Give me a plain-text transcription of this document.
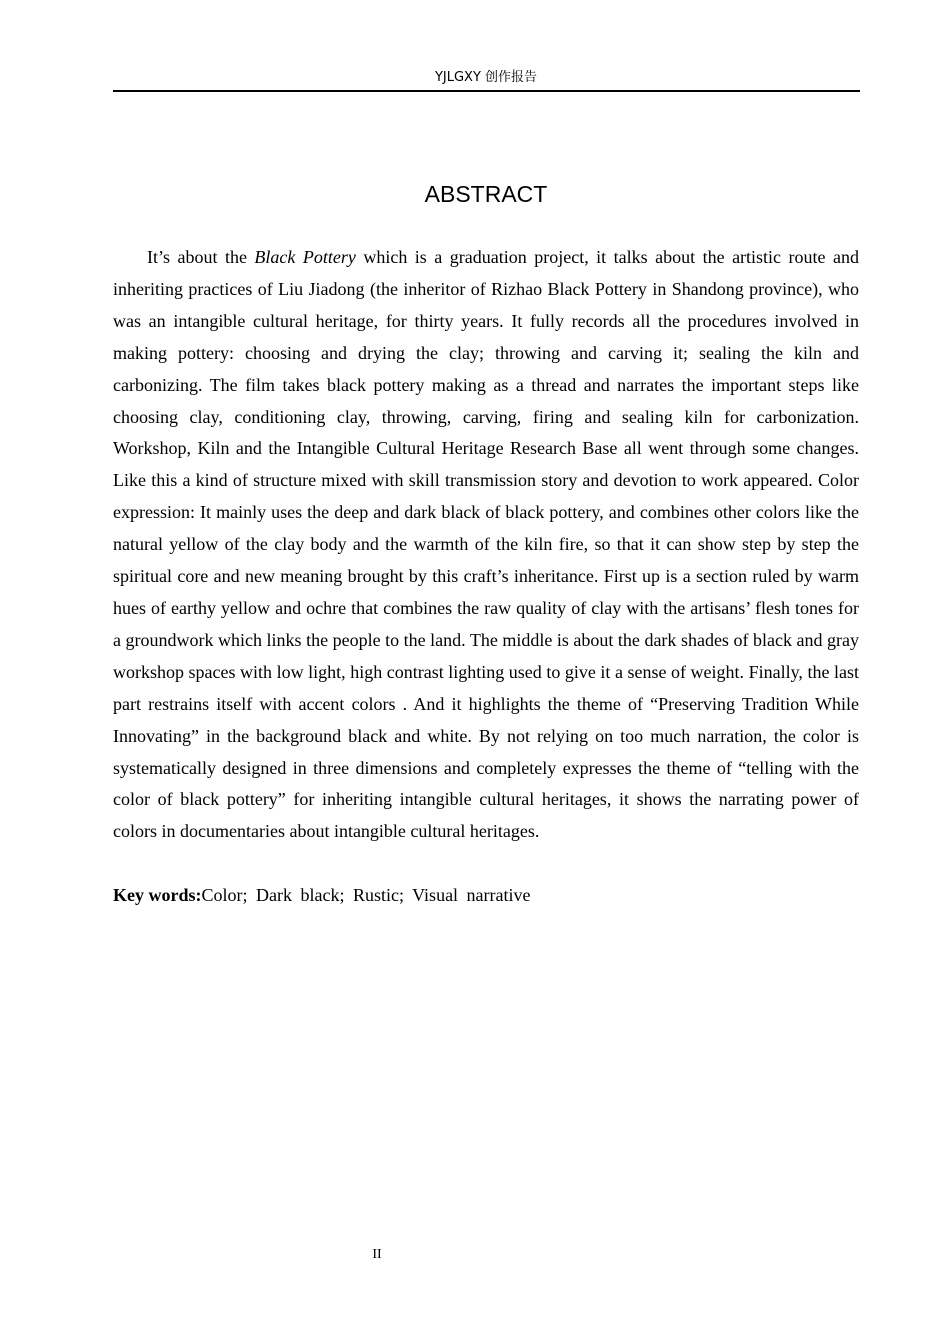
YJLGXY 创作报告
ABSTRACT

It’s about the Black Pottery which is a graduation project, it talks about the artistic route and inheriting practices of Liu Jiadong (the inheritor of Rizhao Black Pottery in Shandong province), who was an intangible cultural heritage, for thirty years. It fully records all the procedures involved in making pottery: choosing and drying the clay; throwing and carving it; sealing the kiln and carbonizing. The film takes black pottery making as a thread and narrates the important steps like choosing clay, conditioning clay, throwing, carving, firing and sealing kiln for carbonization. Workshop, Kiln and the Intangible Cultural Heritage Research Base all went through some changes. Like this a kind of structure mixed with skill transmission story and devotion to work appeared. Color expression: It mainly uses the deep and dark black of black pottery, and combines other colors like the natural yellow of the clay body and the warmth of the kiln fire, so that it can show step by step the spiritual core and new meaning brought by this craft’s inheritance. First up is a section ruled by warm hues of earthy yellow and ochre that combines the raw quality of clay with the artisans’ flesh tones for a groundwork which links the people to the land. The middle is about the dark shades of black and gray workshop spaces with low light, high contrast lighting used to give it a sense of weight. Finally, the last part restrains itself with accent colors . And it highlights the theme of “Preserving Tradition While Innovating” in the background black and white. By not relying on too much narration, the color is systematically designed in three dimensions and completely expresses the theme of “telling with the color of black pottery” for inheriting intangible cultural heritages, it shows the narrating power of colors in documentaries about intangible cultural heritages.

Key words:Color; Dark black; Rustic; Visual narrative

II
